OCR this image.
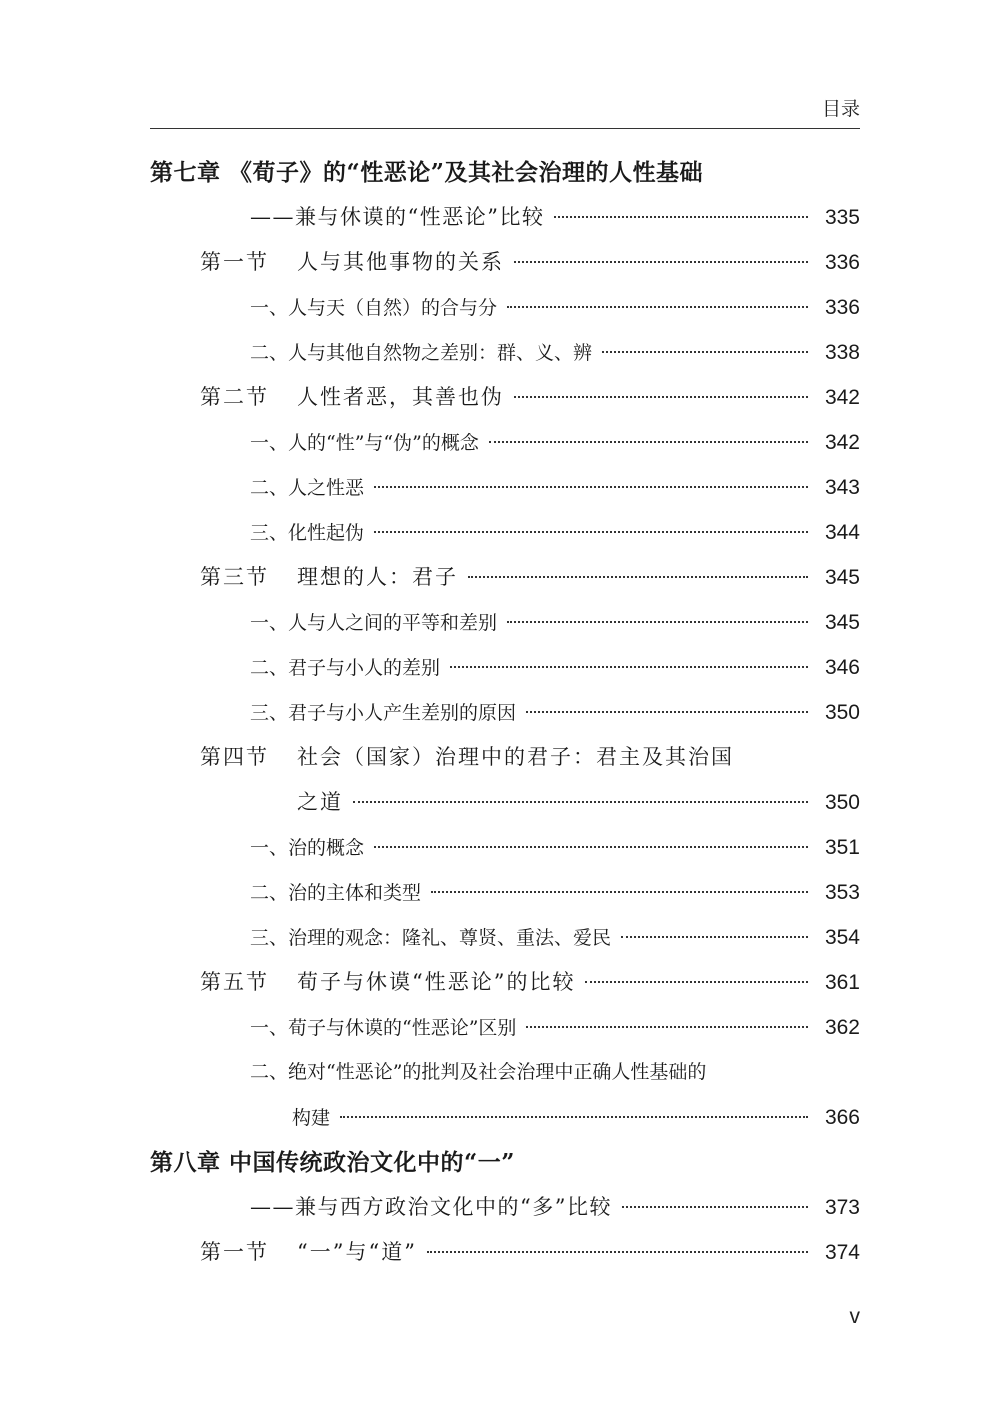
目录
第七章 《荀子》的“性恶论”及其社会治理的人性基础
——兼与休谟的“性恶论”比较	335
第一节 人与其他事物的关系	336
一、人与天（自然）的合与分	336
二、人与其他自然物之差别：群、义、辨	338
第二节 人性者恶，其善也伪	342
一、人的“性”与“伪”的概念	342
二、人之性恶	343
三、化性起伪	344
第三节 理想的人：君子	345
一、人与人之间的平等和差别	345
二、君子与小人的差别	346
三、君子与小人产生差别的原因	350
第四节 社会（国家）治理中的君子：君主及其治国
之道	350
一、治的概念	351
二、治的主体和类型	353
三、治理的观念：隆礼、尊贤、重法、爱民	354
第五节 荀子与休谟“性恶论”的比较	361
一、荀子与休谟的“性恶论”区别	362
二、绝对“性恶论”的批判及社会治理中正确人性基础的
构建	366
第八章 中国传统政治文化中的“一”
——兼与西方政治文化中的“多”比较	373
第一节 “一”与“道”	374
v
